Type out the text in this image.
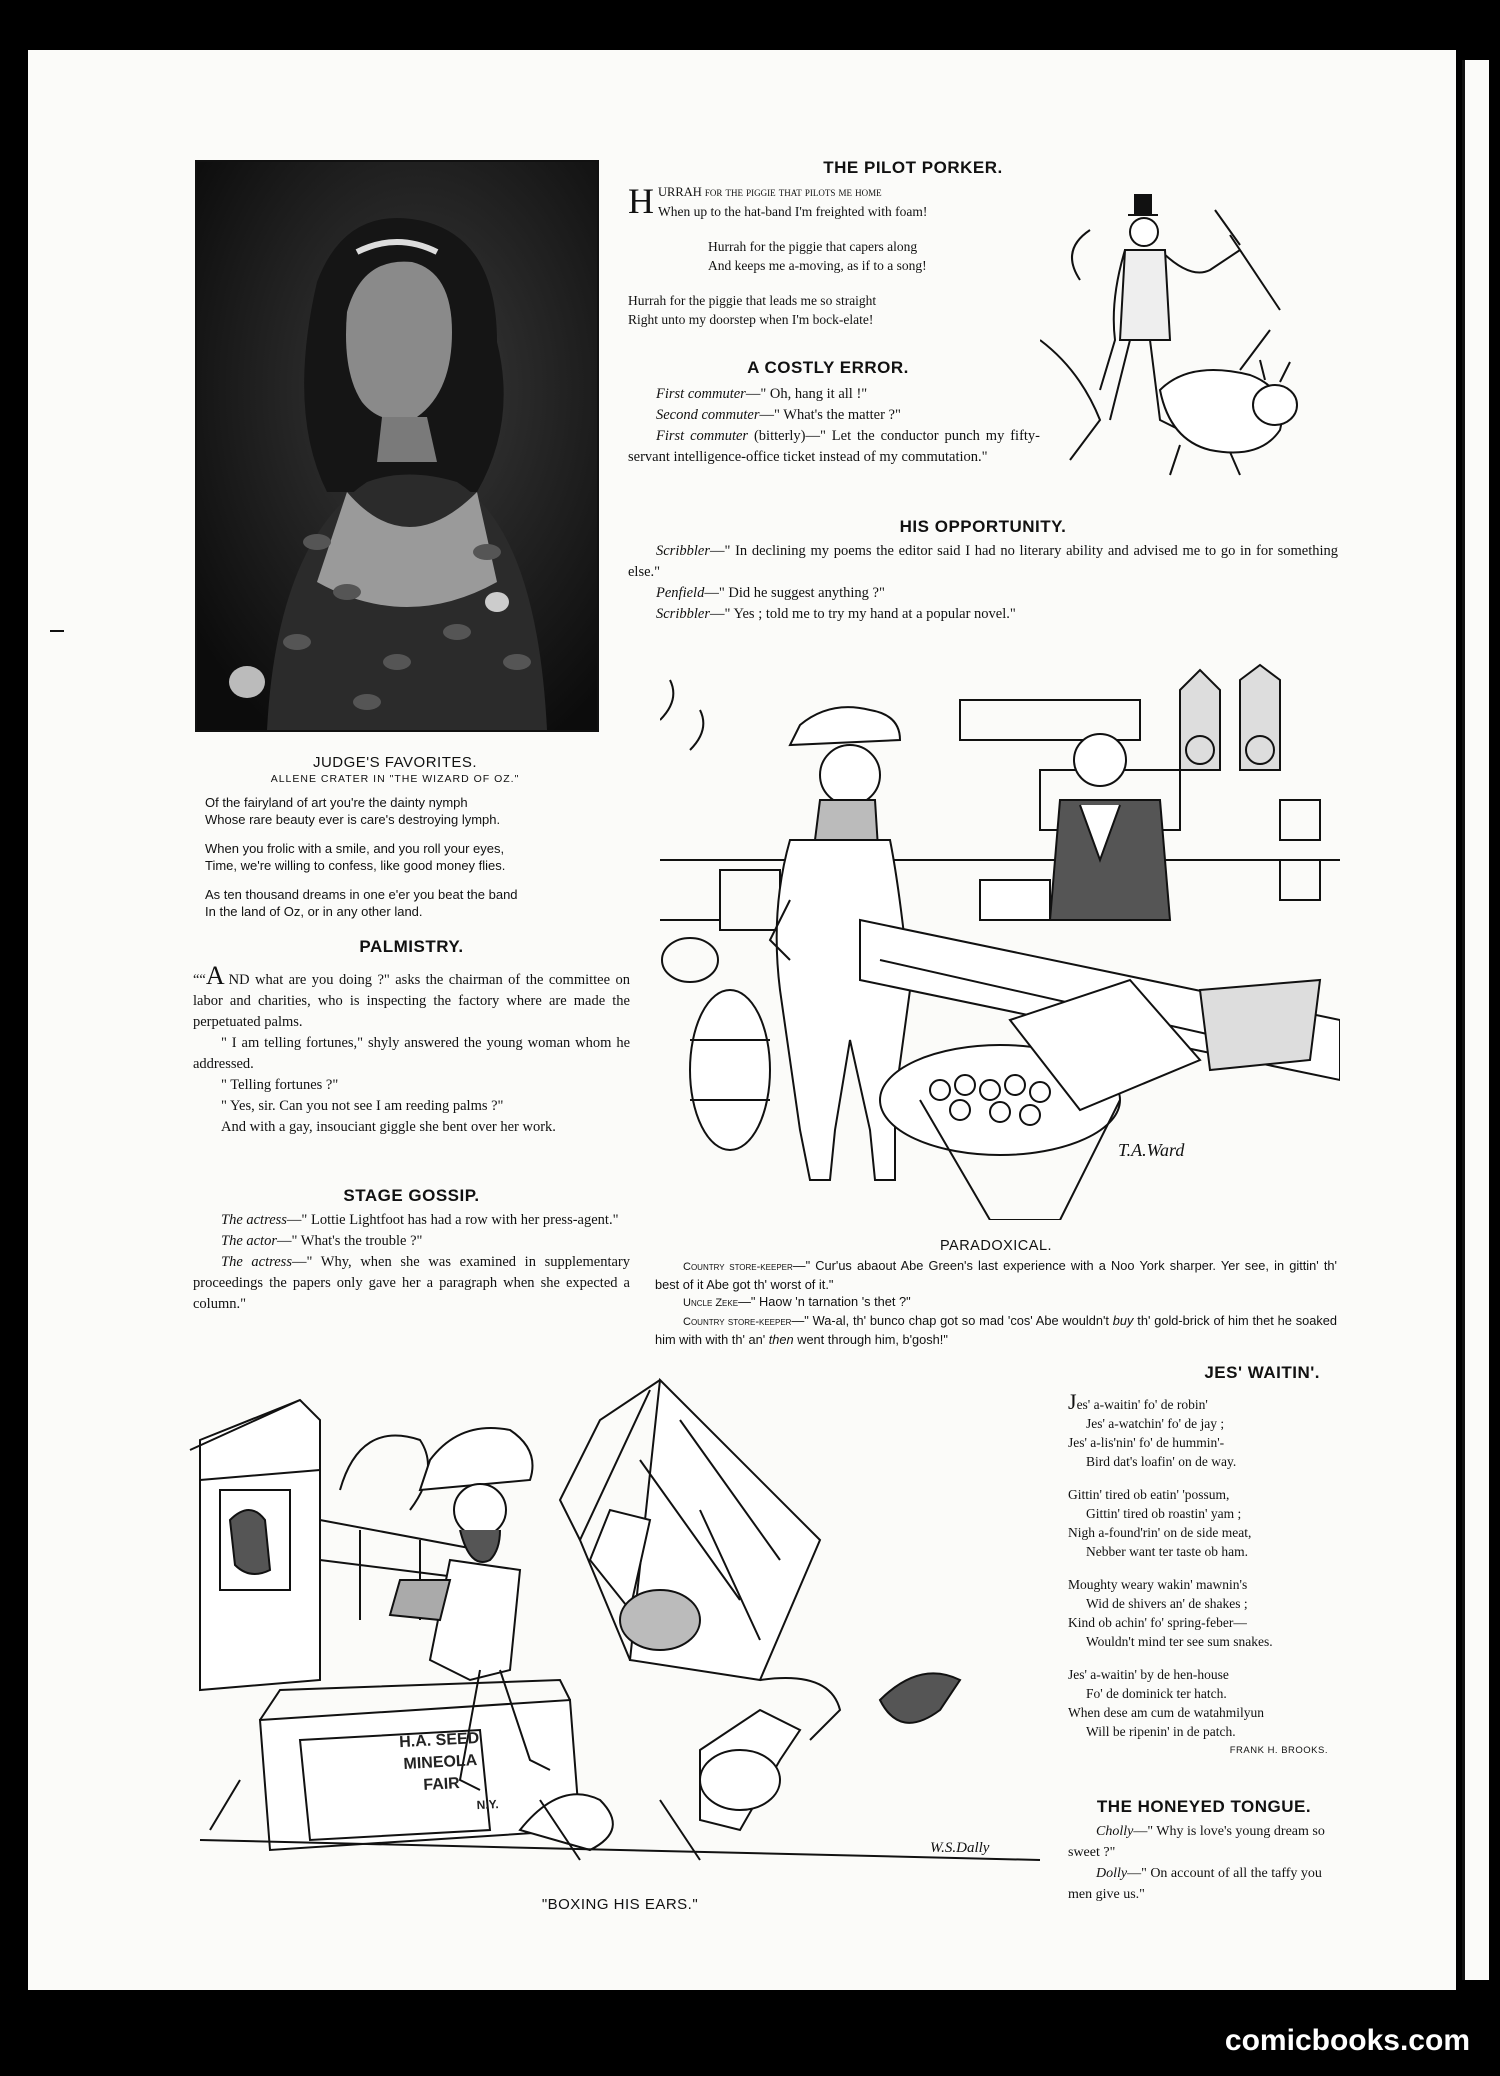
JUDGE'S FAVORITES.
ALLENE CRATER IN "THE WIZARD OF OZ."

Of the fairyland of art you're the dainty nymph

Whose rare beauty ever is care's destroying lymph.

When you frolic with a smile, and you roll your eyes,

Time, we're willing to confess, like good money flies.

As ten thousand dreams in one e'er you beat the band

In the land of Oz, or in any other land.

PALMISTRY.

““A ND what are you doing ?" asks the chairman of the committee on labor and charities, who is inspecting the factory where are made the perpetuated palms.

" I am telling fortunes," shyly answered the young woman whom he addressed.

" Telling fortunes ?"

" Yes, sir. Can you not see I am reeding palms ?"

And with a gay, insouciant giggle she bent over her work.

STAGE GOSSIP.

The actress—" Lottie Lightfoot has had a row with her press-agent."

The actor—" What's the trouble ?"

The actress—" Why, when she was examined in supplementary proceedings the papers only gave her a paragraph when she expected a column."

THE PILOT PORKER.

HURRAH for the piggie that pilots me home

When up to the hat-band I'm freighted with foam!

Hurrah for the piggie that capers along

And keeps me a-moving, as if to a song!

Hurrah for the piggie that leads me so straight

Right unto my doorstep when I'm bock-elate!

A COSTLY ERROR.

First commuter—" Oh, hang it all !"

Second commuter—" What's the matter ?"

First commuter (bitterly)—" Let the conductor punch my fifty-servant intelligence-office ticket instead of my commutation."

HIS OPPORTUNITY.

Scribbler—" In declining my poems the editor said I had no literary ability and advised me to go in for something else."

Penfield—" Did he suggest anything ?"

Scribbler—" Yes ; told me to try my hand at a popular novel."

T.A.Ward
PARADOXICAL.

Country store-keeper—" Cur'us abaout Abe Green's last experience with a Noo York sharper. Yer see, in gittin' th' best of it Abe got th' worst of it."

Uncle Zeke—" Haow 'n tarnation 's thet ?"

Country store-keeper—" Wa-al, th' bunco chap got so mad 'cos' Abe wouldn't buy th' gold-brick of him thet he soaked him with with th' an' then went through him, b'gosh!"

H.A. SEED
MINEOLA
FAIR
N.Y.
W.S.Dally
"BOXING HIS EARS."
JES' WAITIN'.

Jes' a-waitin' fo' de robin'

Jes' a-watchin' fo' de jay ;

Jes' a-lis'nin' fo' de hummin'-

Bird dat's loafin' on de way.

Gittin' tired ob eatin' 'possum,

Gittin' tired ob roastin' yam ;

Nigh a-found'rin' on de side meat,

Nebber want ter taste ob ham.

Moughty weary wakin' mawnin's

Wid de shivers an' de shakes ;

Kind ob achin' fo' spring-feber—

Wouldn't mind ter see sum snakes.

Jes' a-waitin' by de hen-house

Fo' de dominick ter hatch.

When dese am cum de watahmilyun

Will be ripenin' in de patch.

FRANK H. BROOKS.

THE HONEYED TONGUE.

Cholly—" Why is love's young dream so sweet ?"

Dolly—" On account of all the taffy you men give us."

comicbooks.com
